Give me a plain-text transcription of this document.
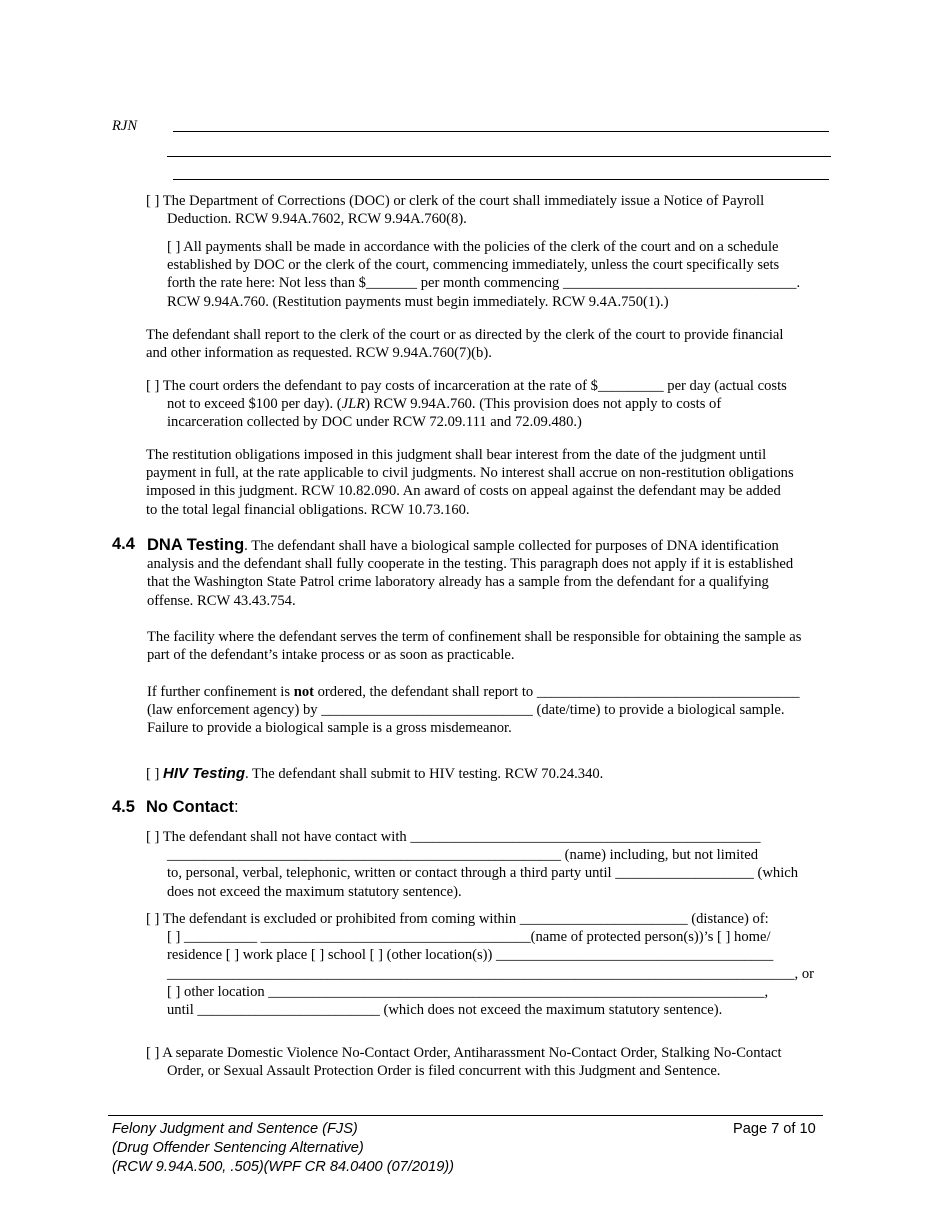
RJN
[ ] The Department of Corrections (DOC) or clerk of the court shall immediately issue a Notice of Payroll
Deduction. RCW 9.94A.7602, RCW 9.94A.760(8).
[ ] All payments shall be made in accordance with the policies of the clerk of the court and on a schedule
established by DOC or the clerk of the court, commencing immediately, unless the court specifically sets
forth the rate here: Not less than $_______ per month commencing ________________________________.
RCW 9.94A.760. (Restitution payments must begin immediately. RCW 9.4A.750(1).)
The defendant shall report to the clerk of the court or as directed by the clerk of the court to provide financial
and other information as requested. RCW 9.94A.760(7)(b).
[ ] The court orders the defendant to pay costs of incarceration at the rate of $_________ per day (actual costs
not to exceed $100 per day). (JLR) RCW 9.94A.760. (This provision does not apply to costs of
incarceration collected by DOC under RCW 72.09.111 and 72.09.480.)
The restitution obligations imposed in this judgment shall bear interest from the date of the judgment until
payment in full, at the rate applicable to civil judgments. No interest shall accrue on non-restitution obligations
imposed in this judgment. RCW 10.82.090. An award of costs on appeal against the defendant may be added
to the total legal financial obligations. RCW 10.73.160.
4.4 DNA Testing. The defendant shall have a biological sample collected for purposes of DNA identification
analysis and the defendant shall fully cooperate in the testing. This paragraph does not apply if it is established
that the Washington State Patrol crime laboratory already has a sample from the defendant for a qualifying
offense. RCW 43.43.754.
The facility where the defendant serves the term of confinement shall be responsible for obtaining the sample as
part of the defendant’s intake process or as soon as practicable.
If further confinement is not ordered, the defendant shall report to ____________________________________
(law enforcement agency) by _____________________________ (date/time) to provide a biological sample.
Failure to provide a biological sample is a gross misdemeanor.
[ ] HIV Testing. The defendant shall submit to HIV testing. RCW 70.24.340.
4.5 No Contact:
[ ] The defendant shall not have contact with ________________________________________________
______________________________________________________ (name) including, but not limited
to, personal, verbal, telephonic, written or contact through a third party until ___________________ (which
does not exceed the maximum statutory sentence).
[ ] The defendant is excluded or prohibited from coming within _______________________ (distance) of:
[ ] __________ _____________________________________(name of protected person(s))’s [ ] home/
residence [ ] work place [ ] school [ ] (other location(s)) ______________________________________
______________________________________________________________________________________, or
[ ] other location ____________________________________________________________________,
until _________________________ (which does not exceed the maximum statutory sentence).
[ ] A separate Domestic Violence No-Contact Order, Antiharassment No-Contact Order, Stalking No-Contact
Order, or Sexual Assault Protection Order is filed concurrent with this Judgment and Sentence.
Felony Judgment and Sentence (FJS)
(Drug Offender Sentencing Alternative)
(RCW 9.94A.500, .505)(WPF CR 84.0400 (07/2019))
Page 7 of 10
